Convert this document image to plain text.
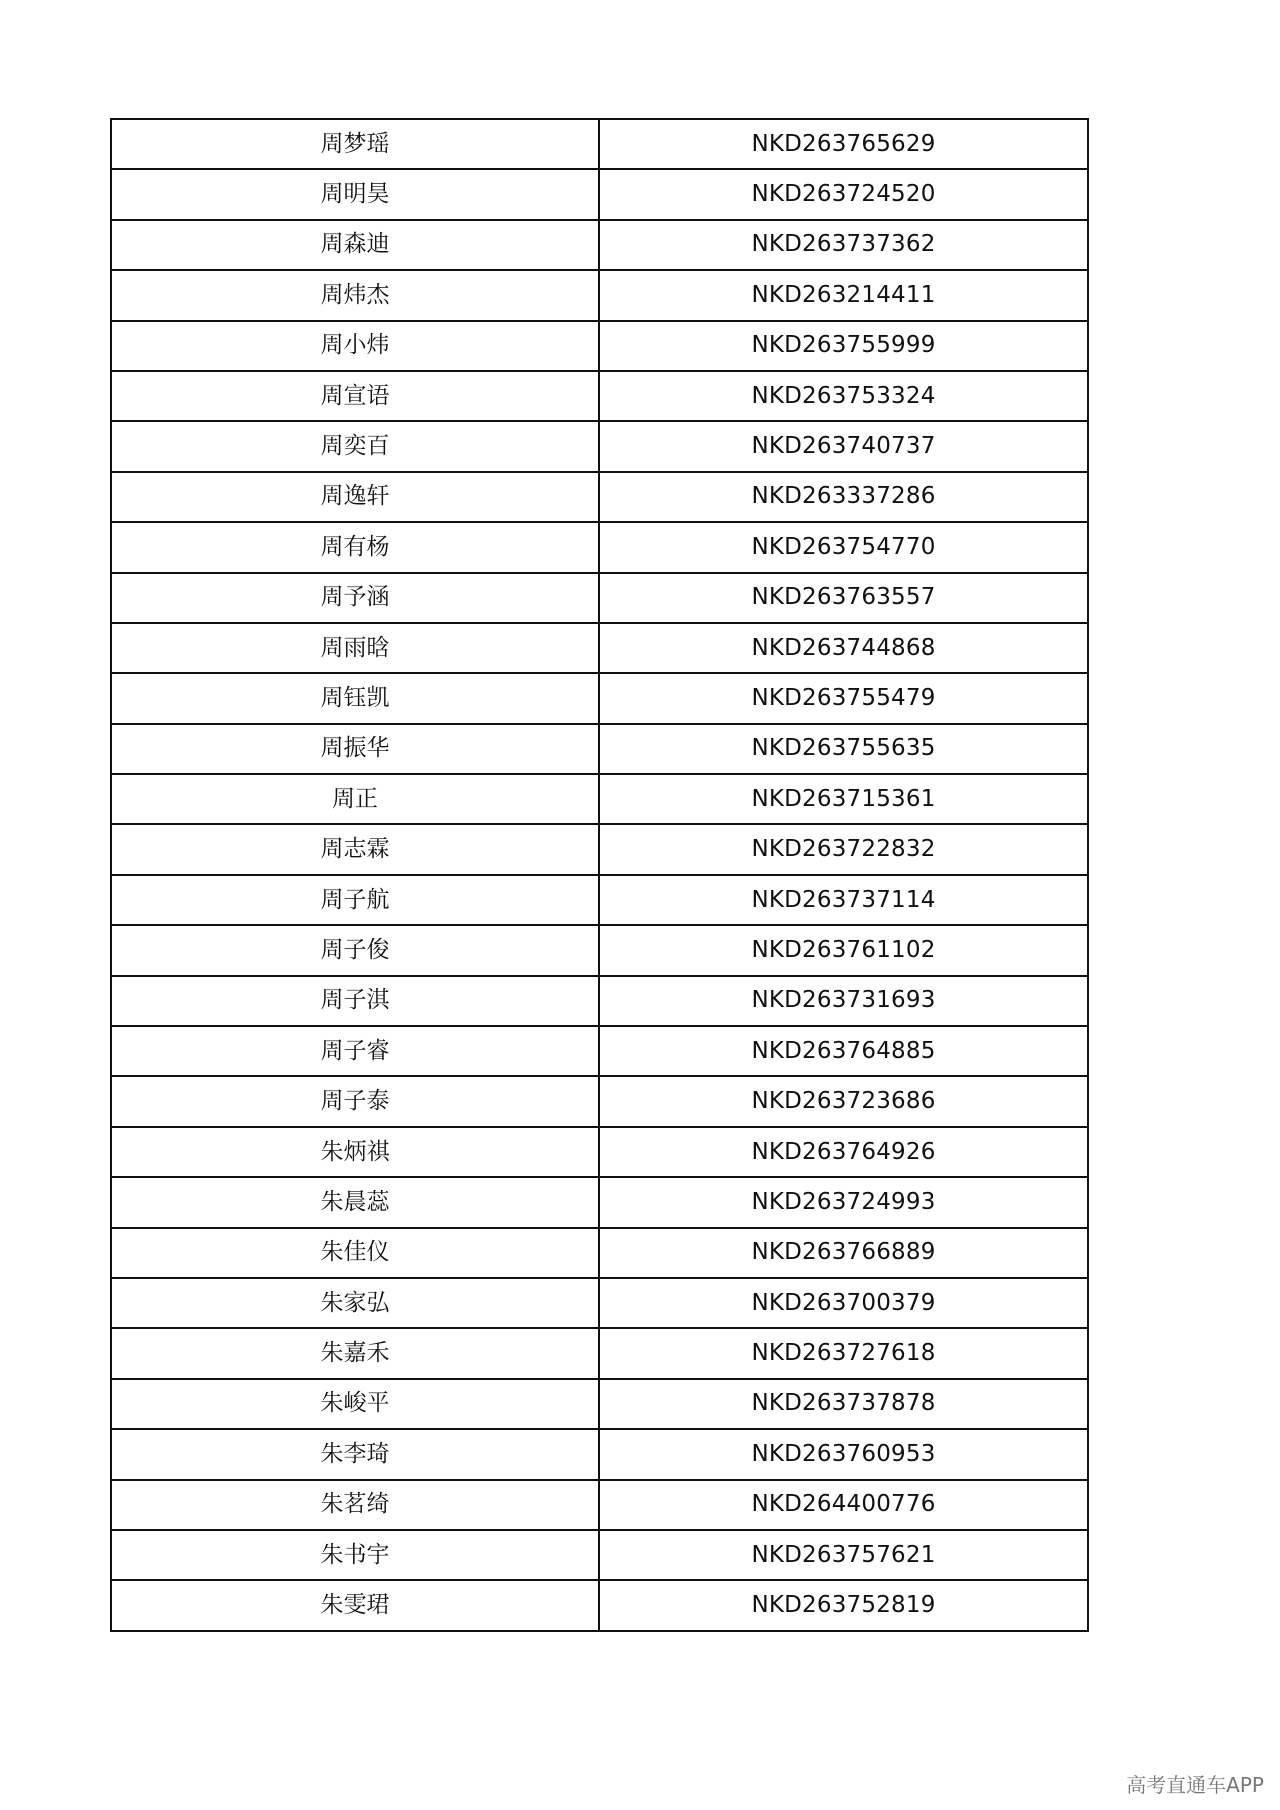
周梦瑶	NKD263765629
周明昊	NKD263724520
周森迪	NKD263737362
周炜杰	NKD263214411
周小炜	NKD263755999
周宣语	NKD263753324
周奕百	NKD263740737
周逸轩	NKD263337286
周有杨	NKD263754770
周予涵	NKD263763557
周雨晗	NKD263744868
周钰凯	NKD263755479
周振华	NKD263755635
周正	NKD263715361
周志霖	NKD263722832
周子航	NKD263737114
周子俊	NKD263761102
周子淇	NKD263731693
周子睿	NKD263764885
周子泰	NKD263723686
朱炳祺	NKD263764926
朱晨蕊	NKD263724993
朱佳仪	NKD263766889
朱家弘	NKD263700379
朱嘉禾	NKD263727618
朱峻平	NKD263737878
朱李琦	NKD263760953
朱茗绮	NKD264400776
朱书宇	NKD263757621
朱雯珺	NKD263752819
高考直通车APP
